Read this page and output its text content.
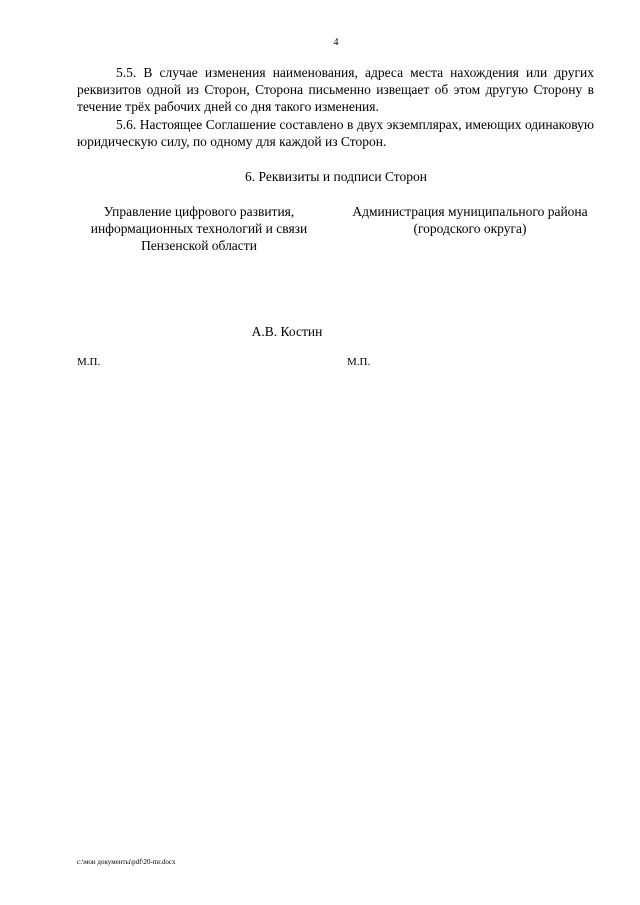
4
5.5. В случае изменения наименования, адреса места нахождения или других реквизитов одной из Сторон, Сторона письменно извещает об этом другую Сторону в течение трёх рабочих дней со дня такого изменения.
5.6. Настоящее Соглашение составлено в двух экземплярах, имеющих одинаковую юридическую силу, по одному для каждой из Сторон.
6. Реквизиты и подписи Сторон
Управление цифрового развития, информационных технологий и связи Пензенской области
Администрация муниципального района (городского округа)
А.В. Костин
М.П.	М.П.
c:\мои документы\pdf\20-mr.docx
